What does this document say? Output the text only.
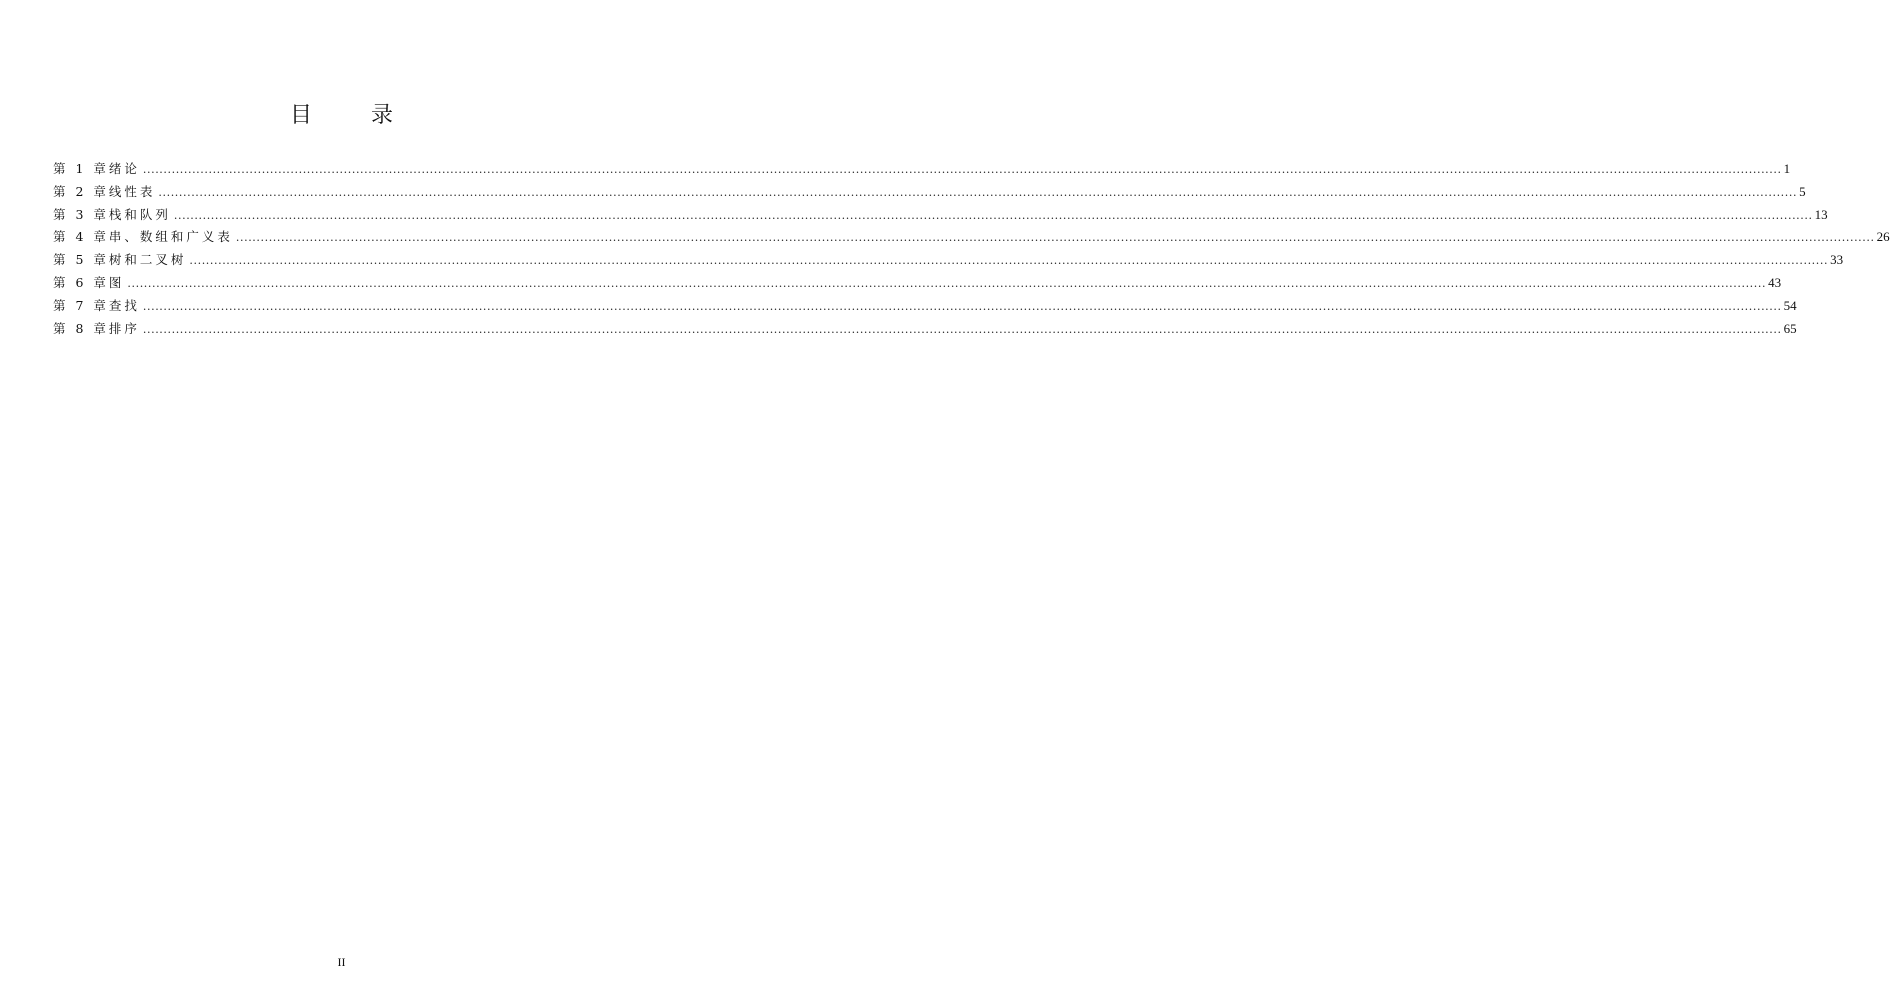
目 录
第 1 章 绪论 ................................................................................................................................................................................................................................................................................................................................................................................................................ 1
第 2 章 线性表 ................................................................................................................................................................................................................................................................................................................................................................................................................ 5
第 3 章 栈和队列 ................................................................................................................................................................................................................................................................................................................................................................................................................ 13
第 4 章 串、数组和广义表 ................................................................................................................................................................................................................................................................................................................................................................................................................ 26
第 5 章 树和二叉树 ................................................................................................................................................................................................................................................................................................................................................................................................................ 33
第 6 章 图 ................................................................................................................................................................................................................................................................................................................................................................................................................ 43
第 7 章 查找 ................................................................................................................................................................................................................................................................................................................................................................................................................ 54
第 8 章 排序 ................................................................................................................................................................................................................................................................................................................................................................................................................ 65
II
